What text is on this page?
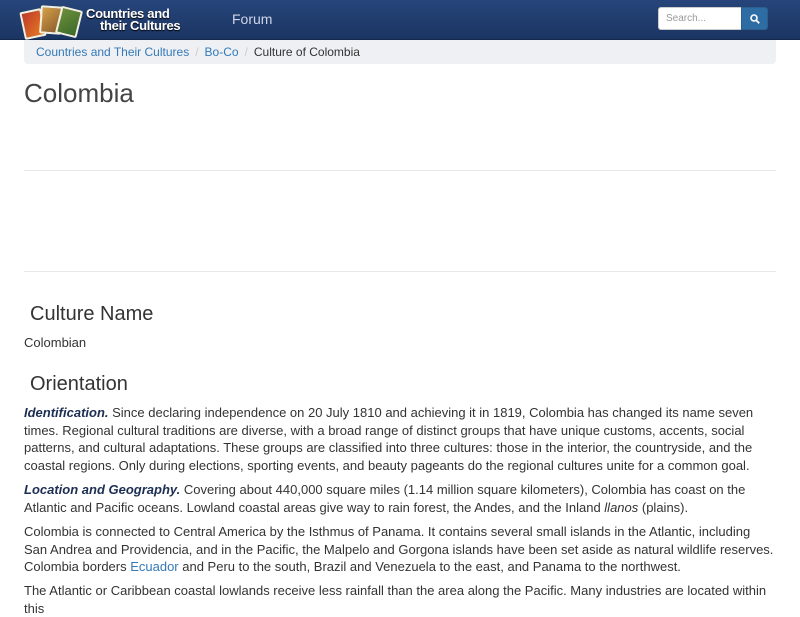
Countries and
their Cultures	Forum
Search...
Countries and Their Cultures / Bo-Co / Culture of Colombia
Colombia
Culture Name
Colombian
Orientation

Identification. Since declaring independence on 20 July 1810 and achieving it in 1819, Colombia has changed its name seven times. Regional cultural traditions are diverse, with a broad range of distinct groups that have unique customs, accents, social patterns, and cultural adaptations. These groups are classified into three cultures: those in the interior, the countryside, and the coastal regions. Only during elections, sporting events, and beauty pageants do the regional cultures unite for a common goal.

Location and Geography. Covering about 440,000 square miles (1.14 million square kilometers), Colombia has coast on the Atlantic and Pacific oceans. Lowland coastal areas give way to rain forest, the Andes, and the Inland llanos (plains).

Colombia is connected to Central America by the Isthmus of Panama. It contains several small islands in the Atlantic, including San Andrea and Providencia, and in the Pacific, the Malpelo and Gorgona islands have been set aside as natural wildlife reserves. Colombia borders Ecuador and Peru to the south, Brazil and Venezuela to the east, and Panama to the northwest.

The Atlantic or Caribbean coastal lowlands receive less rainfall than the area along the Pacific. Many industries are located within this
